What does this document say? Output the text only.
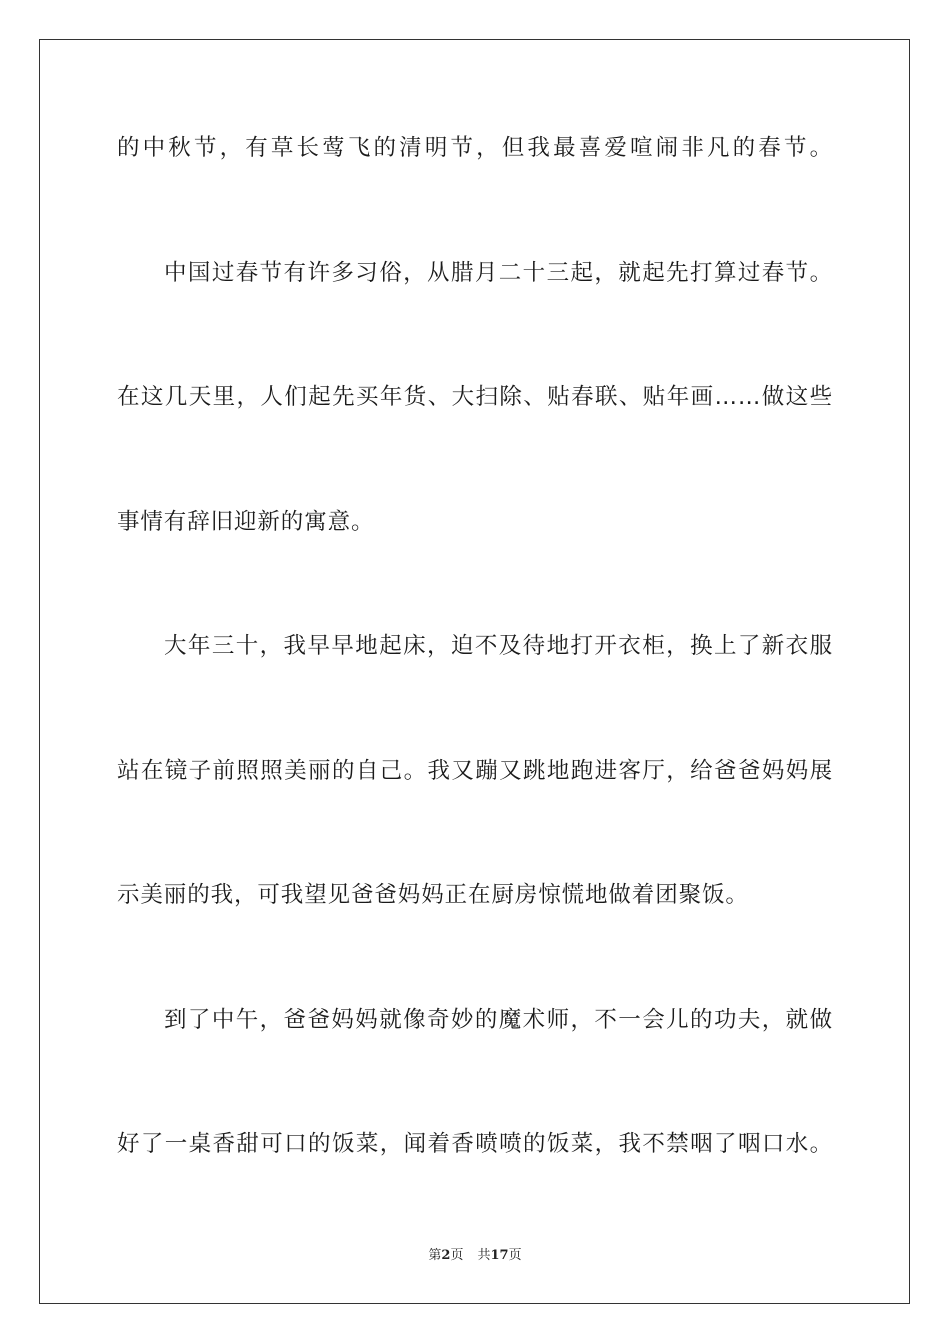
的中秋节，有草长莺飞的清明节，但我最喜爱喧闹非凡的春节。
中国过春节有许多习俗，从腊月二十三起，就起先打算过春节。
在这几天里，人们起先买年货、大扫除、贴春联、贴年画……做这些
事情有辞旧迎新的寓意。
大年三十，我早早地起床，迫不及待地打开衣柜，换上了新衣服
站在镜子前照照美丽的自己。我又蹦又跳地跑进客厅，给爸爸妈妈展
示美丽的我，可我望见爸爸妈妈正在厨房惊慌地做着团聚饭。
到了中午，爸爸妈妈就像奇妙的魔术师，不一会儿的功夫，就做
好了一桌香甜可口的饭菜，闻着香喷喷的饭菜，我不禁咽了咽口水。
第2页 共17页
